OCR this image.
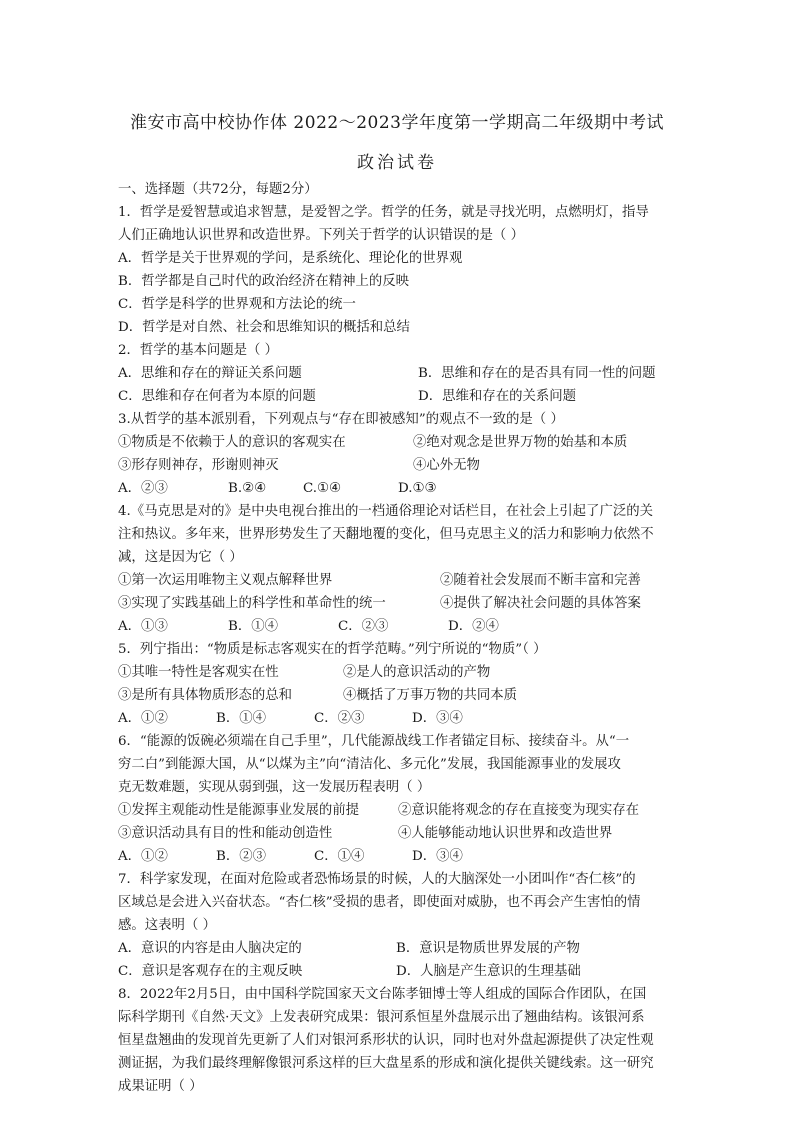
淮安市高中校协作体 2022～2023学年度第一学期高二年级期中考试
政治试卷
一、选择题（共72分，每题2分）
1．哲学是爱智慧或追求智慧，是爱智之学。哲学的任务，就是寻找光明，点燃明灯，指导
人们正确地认识世界和改造世界。下列关于哲学的认识错误的是（ ）
A．哲学是关于世界观的学问，是系统化、理论化的世界观
B．哲学都是自己时代的政治经济在精神上的反映
C．哲学是科学的世界观和方法论的统一
D．哲学是对自然、社会和思维知识的概括和总结
2．哲学的基本问题是（ ）
A．思维和存在的辩证关系问题	B．思维和存在的是否具有同一性的问题
C．思维和存在何者为本原的问题	D．思维和存在的关系问题
3.从哲学的基本派别看，下列观点与“存在即被感知”的观点不一致的是（ ）
①物质是不依赖于人的意识的客观实在	②绝对观念是世界万物的始基和本质
③形存则神存，形谢则神灭	④心外无物
A．②③	B.②④	C.①④	D.①③
4.《马克思是对的》是中央电视台推出的一档通俗理论对话栏目，在社会上引起了广泛的关
注和热议。多年来，世界形势发生了天翻地覆的变化，但马克思主义的活力和影响力依然不
减，这是因为它（ ）
①第一次运用唯物主义观点解释世界	②随着社会发展而不断丰富和完善
③实现了实践基础上的科学性和革命性的统一	④提供了解决社会问题的具体答案
A．①③	B．①④	C．②③	D．②④
5．列宁指出：“物质是标志客观实在的哲学范畴。”列宁所说的“物质”（ ）
①其唯一特性是客观实在性	②是人的意识活动的产物
③是所有具体物质形态的总和	④概括了万事万物的共同本质
A．①②	B．①④	C．②③	D．③④
6．“能源的饭碗必须端在自己手里”，几代能源战线工作者锚定目标、接续奋斗。从“一
穷二白”到能源大国，从“以煤为主”向“清洁化、多元化”发展，我国能源事业的发展攻
克无数难题，实现从弱到强，这一发展历程表明（ ）
①发挥主观能动性是能源事业发展的前提	②意识能将观念的存在直接变为现实存在
③意识活动具有目的性和能动创造性	④人能够能动地认识世界和改造世界
A．①②	B．②③	C．①④	D．③④
7．科学家发现，在面对危险或者恐怖场景的时候，人的大脑深处一小团叫作“杏仁核”的
区域总是会进入兴奋状态。“杏仁核”受损的患者，即使面对威胁，也不再会产生害怕的情
感。这表明（ ）
A．意识的内容是由人脑决定的	B．意识是物质世界发展的产物
C．意识是客观存在的主观反映	D．人脑是产生意识的生理基础
8．2022年2月5日，由中国科学院国家天文台陈孝钿博士等人组成的国际合作团队，在国
际科学期刊《自然·天文》上发表研究成果：银河系恒星外盘展示出了翘曲结构。该银河系
恒星盘翘曲的发现首先更新了人们对银河系形状的认识，同时也对外盘起源提供了决定性观
测证据，为我们最终理解像银河系这样的巨大盘星系的形成和演化提供关键线索。这一研究
成果证明（ ）
